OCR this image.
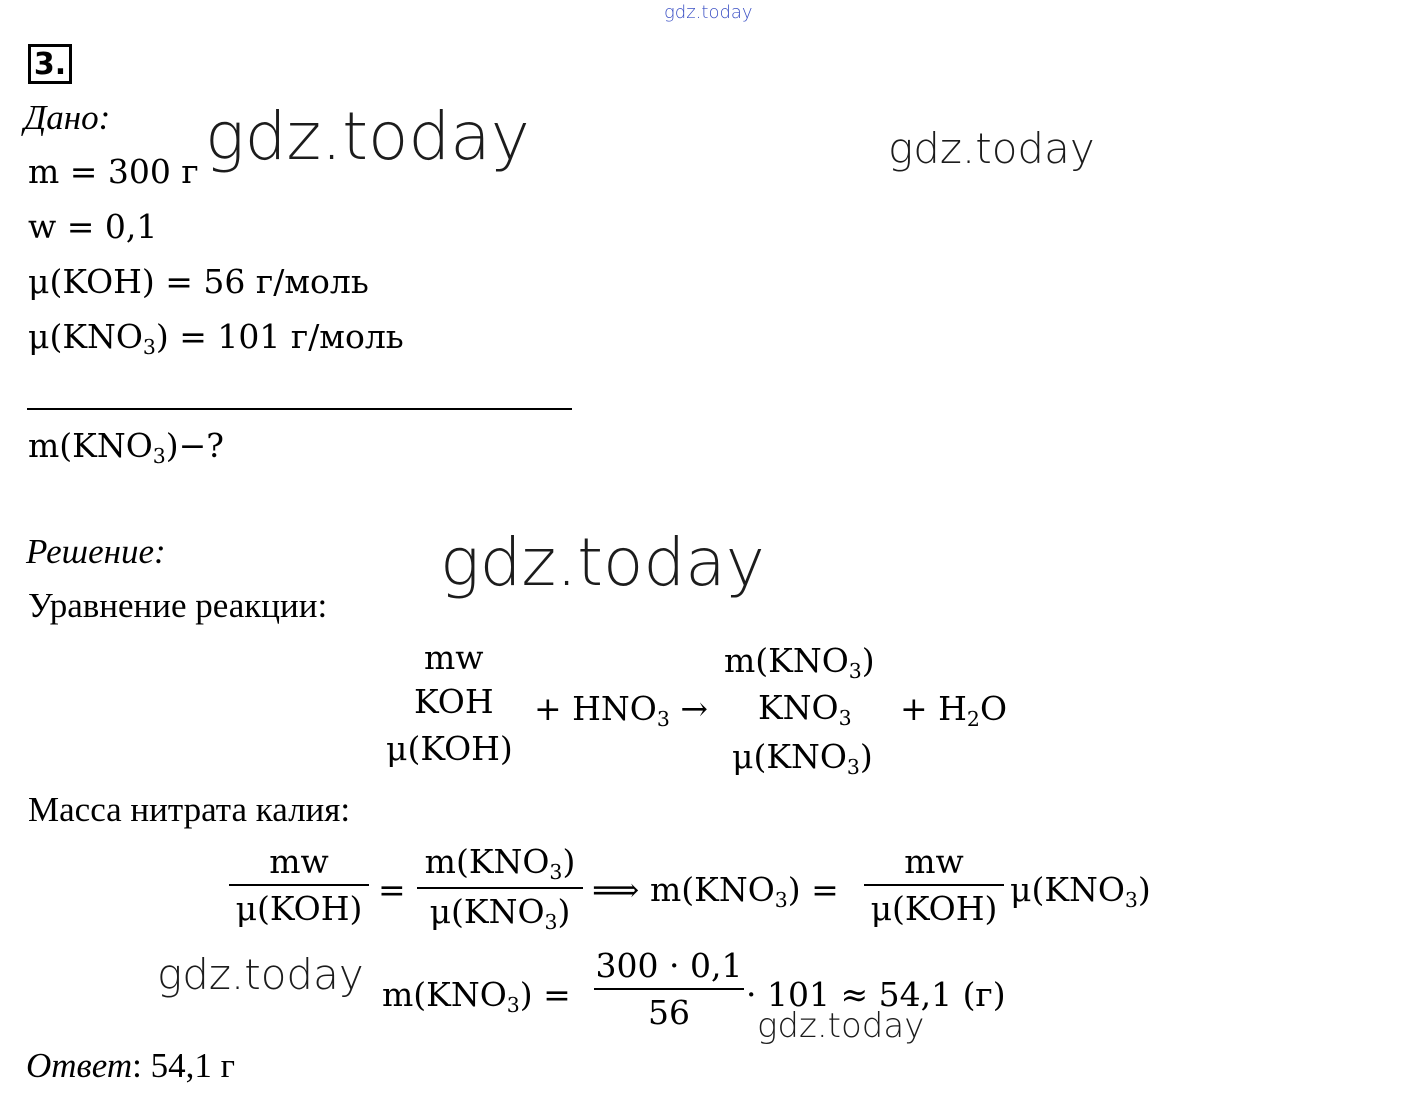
gdz.today
gdz.today	gdz.today
gdz.today
gdz.today
gdz.today
3.
Дано:
m = 300 г
w = 0,1
μ(KOH) = 56 г/моль
$\mu(KNO_3) = 101$ г/моль
$m(KNO_3)-$?
Решение:
Уравнение реакции:
mw
KOH
μ(KOH)
+ $HNO_3$ →
$m(KNO_3)$
$KNO_3$
$\mu(KNO_3)$
+ $H_2O$
Масса нитрата калия:
mw
μ(KOH) =
$m(KNO_3)$
$\mu(KNO_3)$
⟹ $m(KNO_3)$ =
mw
μ(KOH) $\mu(KNO_3)$
$m(KNO_3)$ =
300 · 0,1
56	· 101 ≈ 54,1 (г)
Ответ: 54,1 г
